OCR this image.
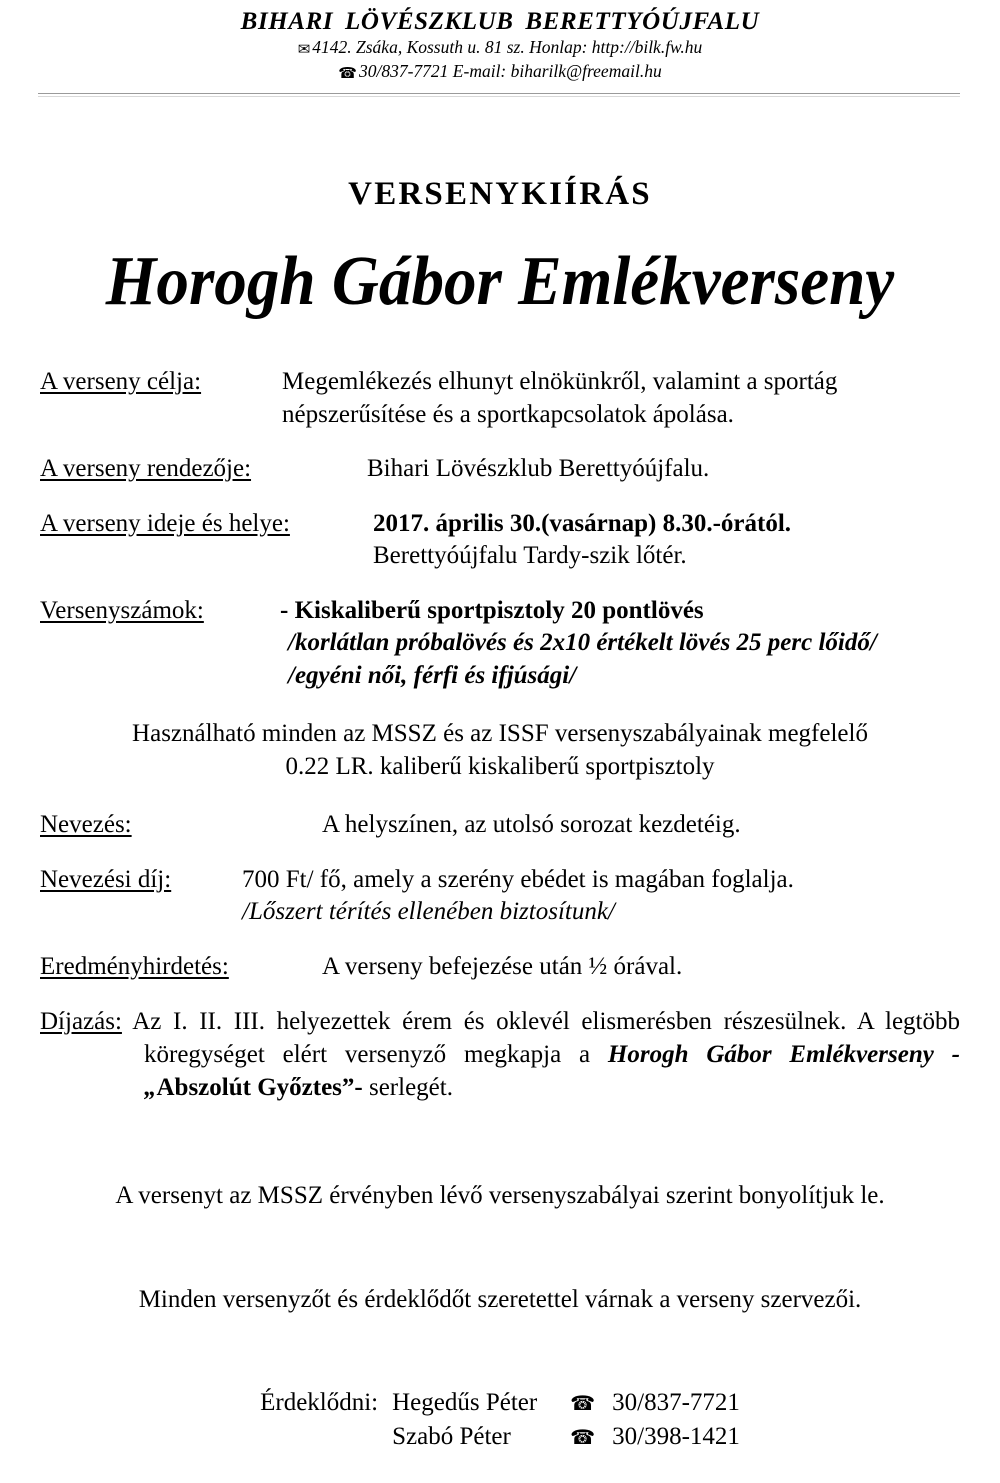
BIHARI LÖVÉSZKLUB BERETTYÓÚJFALU
✉ 4142. Zsáka, Kossuth u. 81 sz. Honlap: http://bilk.fw.hu
☎ 30/837-7721 E-mail: biharilk@freemail.hu
VERSENYKIÍRÁS
Horogh Gábor Emlékverseny
A verseny célja:	Megemlékezés elhunyt elnökünkről, valamint a sportág
népszerűsítése és a sportkapcsolatok ápolása.
A verseny rendezője:	Bihari Lövészklub Berettyóújfalu.
A verseny ideje és helye:	2017. április 30.(vasárnap) 8.30.-órától.
Berettyóújfalu Tardy-szik lőtér.
Versenyszámok:	- Kiskaliberű sportpisztoly 20 pontlövés
/korlátlan próbalövés és 2x10 értékelt lövés 25 perc lőidő/
/egyéni női, férfi és ifjúsági/
Használható minden az MSSZ és az ISSF versenyszabályainak megfelelő
0.22 LR. kaliberű kiskaliberű sportpisztoly
Nevezés:	A helyszínen, az utolsó sorozat kezdetéig.
Nevezési díj:	700 Ft/ fő, amely a szerény ebédet is magában foglalja.
/Lőszert térítés ellenében biztosítunk/
Eredményhirdetés:	A verseny befejezése után ½ órával.
Díjazás: Az I. II. III. helyezettek érem és oklevél elismerésben részesülnek. A legtöbb köregységet elért versenyző megkapja a Horogh Gábor Emlékverseny -„Abszolút Győztes”- serlegét.
A versenyt az MSSZ érvényben lévő versenyszabályai szerint bonyolítjuk le.
Minden versenyzőt és érdeklődőt szeretettel várnak a verseny szervezői.
Érdeklődni: Hegedűs Péter	☎ 30/837-7721
Szabó Péter	☎ 30/398-1421
